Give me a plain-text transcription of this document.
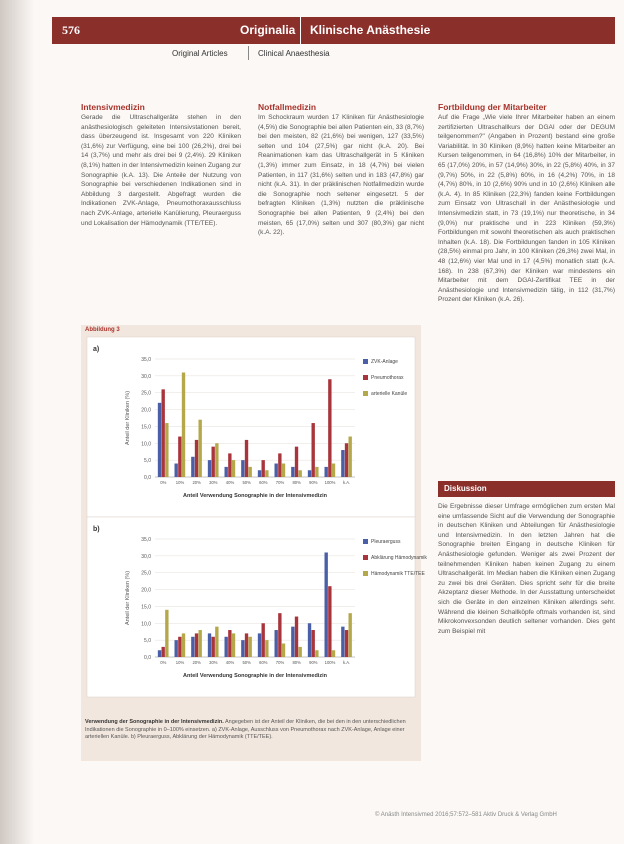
576	Originalia Klinische Anästhesie
Original Articles	Clinical Anaesthesia
Intensivmedizin

Gerade die Ultraschallgeräte stehen in den anästhesiologisch geleiteten Intensivstationen bereit, dass überzeugend ist. Insgesamt von 220 Kliniken (31,6%) zur Verfügung, eine bei 100 (26,2%), drei bei 14 (3,7%) und mehr als drei bei 9 (2,4%). 29 Kliniken (8,1%) hatten in der Intensivmedizin keinen Zugang zur Sonographie (k.A. 13). Die Anteile der Nutzung von Sonographie bei verschiedenen Indikationen sind in Abbildung 3 dargestellt. Abgefragt wurden die Indikationen ZVK-Anlage, Pneumothoraxausschluss nach ZVK-Anlage, arterielle Kanülierung, Pleuraerguss und Lokalisation der Hämodynamik (TTE/TEE).

Notfallmedizin

Im Schockraum wurden 17 Kliniken für Anästhesiologie (4,5%) die Sonographie bei allen Patienten ein, 33 (8,7%) bei den meisten, 82 (21,6%) bei wenigen, 127 (33,5%) selten und 104 (27,5%) gar nicht (k.A. 20). Bei Reanimationen kam das Ultraschallgerät in 5 Kliniken (1,3%) immer zum Einsatz, in 18 (4,7%) bei vielen Patienten, in 117 (31,6%) selten und in 183 (47,8%) gar nicht (k.A. 31). In der präklinischen Notfallmedizin wurde die Sonographie noch seltener eingesetzt. 5 der befragten Kliniken (1,3%) nutzten die präklinische Sonographie bei allen Patienten, 9 (2,4%) bei den meisten, 65 (17,0%) selten und 307 (80,3%) gar nicht (k.A. 22).

Fortbildung der Mitarbeiter

Auf die Frage „Wie viele Ihrer Mitarbeiter haben an einem zertifizierten Ultraschallkurs der DGAI oder der DEGUM teilgenommen?" (Angaben in Prozent) bestand eine große Variabilität. In 30 Kliniken (8,9%) hatten keine Mitarbeiter an Kursen teilgenommen, in 64 (16,8%) 10% der Mitarbeiter, in 65 (17,0%) 20%, in 57 (14,9%) 30%, in 22 (5,8%) 40%, in 37 (9,7%) 50%, in 22 (5,8%) 60%, in 16 (4,2%) 70%, in 18 (4,7%) 80%, in 10 (2,6%) 90% und in 10 (2,6%) Kliniken alle (k.A. 4). In 85 Kliniken (22,3%) fanden keine Fortbildungen zum Einsatz von Ultraschall in der Anästhesiologie und Intensivmedizin statt, in 73 (19,1%) nur theoretische, in 34 (9,0%) nur praktische und in 223 Kliniken (59,3%) Fortbildungen mit sowohl theoretischen als auch praktischen Inhalten (k.A. 18). Die Fortbildungen fanden in 105 Kliniken (28,5%) einmal pro Jahr, in 100 Kliniken (26,3%) zwei Mal, in 48 (12,6%) vier Mal und in 17 (4,5%) monatlich statt (k.A. 168). In 238 (67,3%) der Kliniken war mindestens ein Mitarbeiter mit dem DGAI-Zertifikat TEE in der Anästhesiologie und Intensivmedizin tätig, in 112 (31,7%) Prozent der Kliniken (k.A. 26).

Diskussion

Die Ergebnisse dieser Umfrage ermöglichen zum ersten Mal eine umfassende Sicht auf die Verwendung der Sonographie in deutschen Kliniken und Abteilungen für Anästhesiologie und Intensivmedizin. In den letzten Jahren hat die Sonographie breiten Eingang in deutsche Kliniken für Anästhesiologie gefunden. Weniger als zwei Prozent der teilnehmenden Kliniken haben keinen Zugang zu einem Ultraschallgerät. Im Median haben die Kliniken einen Zugang zu zwei bis drei Geräten. Dies spricht sehr für die breite Akzeptanz dieser Methode. In der Ausstattung unterscheidet sich die Geräte in den einzelnen Kliniken allerdings sehr. Während die kleinen Schallköpfe oftmals vorhanden ist, sind Mikrokonvexsonden deutlich seltener vorhanden. Dies geht zum Beispiel mit

Abbildung 3
a)
0,0
5,0
10,0
15,0
20,0
25,0
30,0
35,0
Anteil der Kliniken (%)
0% 10% 20% 30% 40% 50% 60% 70% 80% 90% 100% k.A.
Anteil Verwendung Sonographie in der Intensivmedizin
ZVK-Anlage
Pneumothorax
arterielle Kanüle
b)
0,0
5,0
10,0
15,0
20,0
25,0
30,0
35,0
Anteil der Kliniken (%)
0% 10% 20% 30% 40% 50% 60% 70% 80% 90% 100% k.A.
Anteil Verwendung Sonographie in der Intensivmedizin
Pleuraerguss
Abklärung Hämodynamik
Hämodynamik TTE/TEE
Verwendung der Sonographie in der Intensivmedizin. Angegeben ist der Anteil der Kliniken, die bei den in den unterschiedlichen Indikationen die Sonographie in 0–100% einsetzen. a) ZVK-Anlage, Ausschluss von Pneumothorax nach ZVK-Anlage, Anlage einer arteriellen Kanüle. b) Pleuraerguss, Abklärung der Hämodynamik (TTE/TEE).
© Anästh Intensivmed 2016;57:572–581 Aktiv Druck & Verlag GmbH
